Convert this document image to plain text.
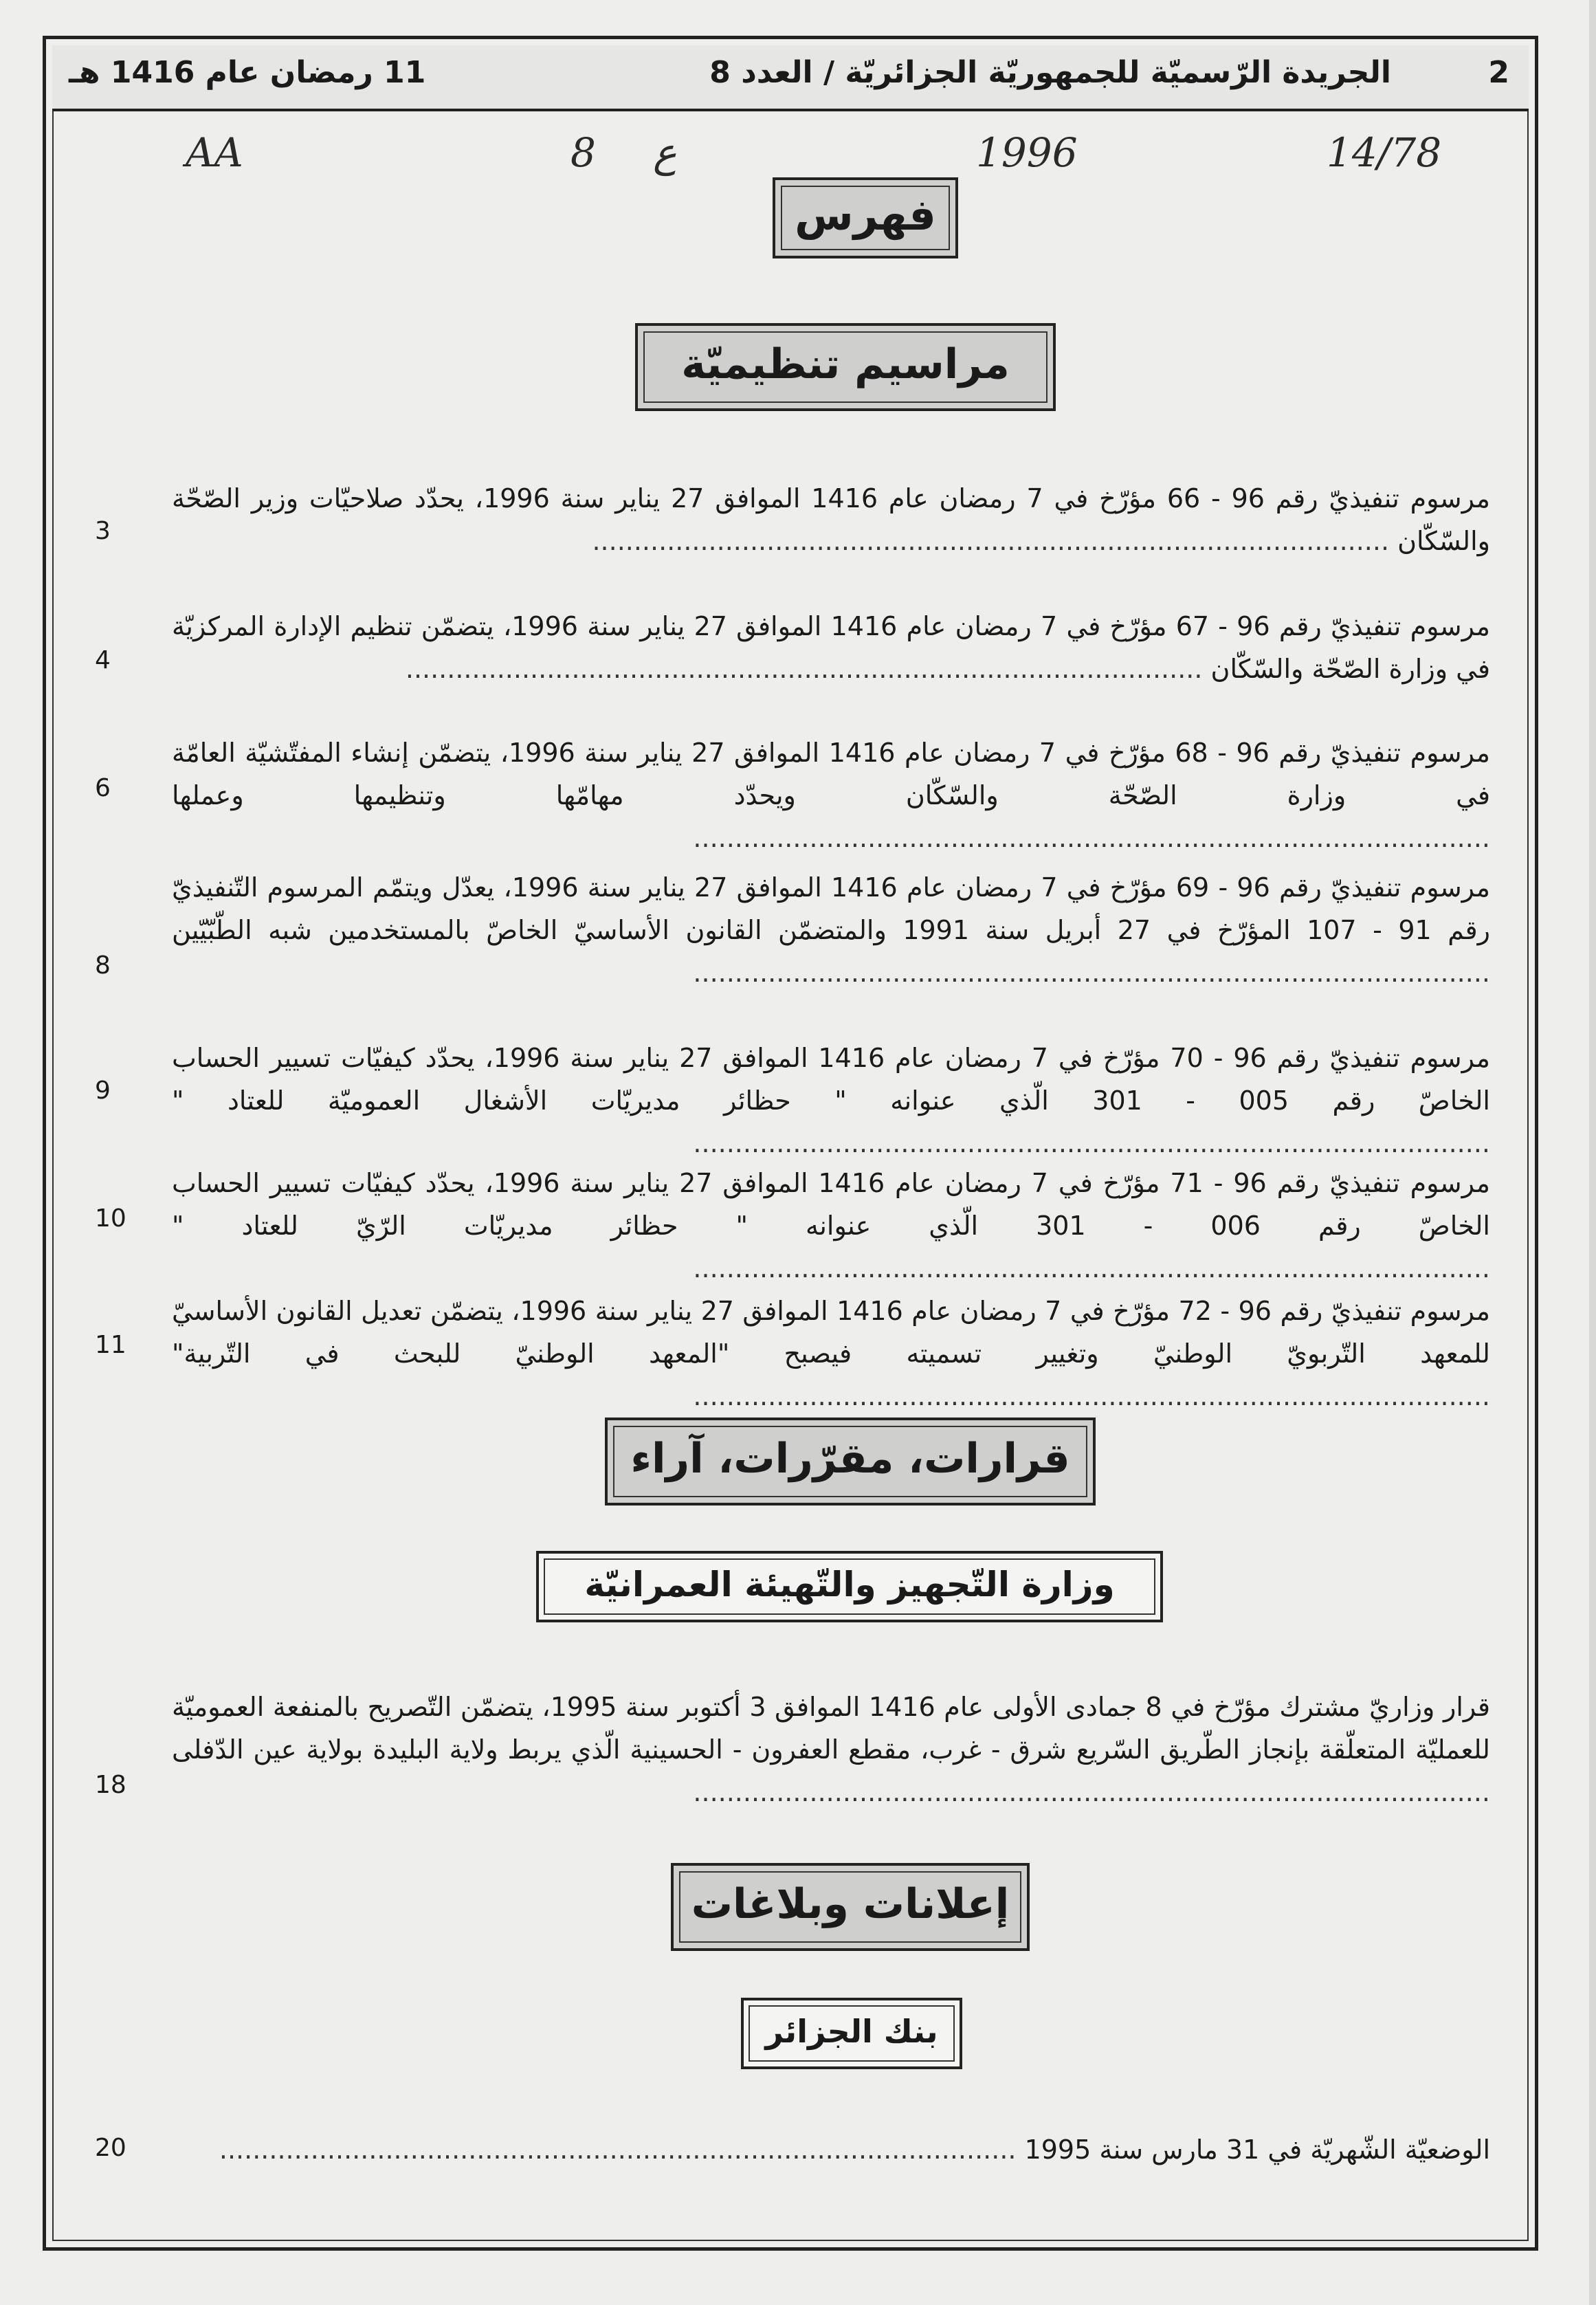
2
الجريدة الرّسميّة للجمهوريّة الجزائريّة / العدد 8
11 رمضان عام 1416 هـ
AA	8 ع	1996	14/78
فهرس
مراسيم تنظيميّة
مرسوم تنفيذيّ رقم 96 - 66 مؤرّخ في 7 رمضان عام 1416 الموافق 27 يناير سنة 1996، يحدّد صلاحيّات وزير الصّحّة والسّكّان ................................................................................................
3
مرسوم تنفيذيّ رقم 96 - 67 مؤرّخ في 7 رمضان عام 1416 الموافق 27 يناير سنة 1996، يتضمّن تنظيم الإدارة المركزيّة في وزارة الصّحّة والسّكّان ................................................................................................
4
مرسوم تنفيذيّ رقم 96 - 68 مؤرّخ في 7 رمضان عام 1416 الموافق 27 يناير سنة 1996، يتضمّن إنشاء المفتّشيّة العامّة في وزارة الصّحّة والسّكّان ويحدّد مهامّها وتنظيمها وعملها ................................................................................................
6
مرسوم تنفيذيّ رقم 96 - 69 مؤرّخ في 7 رمضان عام 1416 الموافق 27 يناير سنة 1996، يعدّل ويتمّم المرسوم التّنفيذيّ رقم 91 - 107 المؤرّخ في 27 أبريل سنة 1991 والمتضمّن القانون الأساسيّ الخاصّ بالمستخدمين شبه الطّبّيّين ................................................................................................
8
مرسوم تنفيذيّ رقم 96 - 70 مؤرّخ في 7 رمضان عام 1416 الموافق 27 يناير سنة 1996، يحدّد كيفيّات تسيير الحساب الخاصّ رقم 005 - 301 الّذي عنوانه " حظائر مديريّات الأشغال العموميّة للعتاد " ................................................................................................
9
مرسوم تنفيذيّ رقم 96 - 71 مؤرّخ في 7 رمضان عام 1416 الموافق 27 يناير سنة 1996، يحدّد كيفيّات تسيير الحساب الخاصّ رقم 006 - 301 الّذي عنوانه " حظائر مديريّات الرّيّ للعتاد " ................................................................................................
10
مرسوم تنفيذيّ رقم 96 - 72 مؤرّخ في 7 رمضان عام 1416 الموافق 27 يناير سنة 1996، يتضمّن تعديل القانون الأساسيّ للمعهد التّربويّ الوطنيّ وتغيير تسميته فيصبح "المعهد الوطنيّ للبحث في التّربية" ................................................................................................
11
قرارات، مقرّرات، آراء
وزارة التّجهيز والتّهيئة العمرانيّة
قرار وزاريّ مشترك مؤرّخ في 8 جمادى الأولى عام 1416 الموافق 3 أكتوبر سنة 1995، يتضمّن التّصريح بالمنفعة العموميّة للعمليّة المتعلّقة بإنجاز الطّريق السّريع شرق - غرب، مقطع العفرون - الحسينية الّذي يربط ولاية البليدة بولاية عين الدّفلى ................................................................................................
18
إعلانات وبلاغات
بنك الجزائر
الوضعيّة الشّهريّة في 31 مارس سنة 1995 ................................................................................................
20
